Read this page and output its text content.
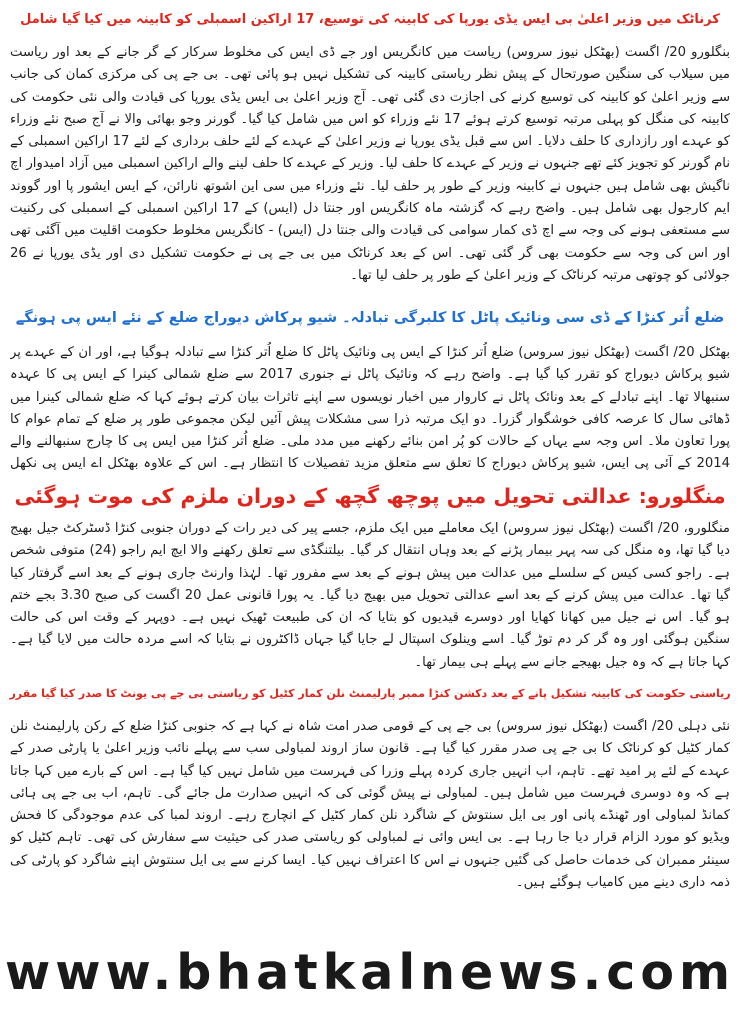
کرناٹک میں وزیر اعلیٰ بی ایس یڈی یورپا کی کابینہ کی توسیع، 17 اراکین اسمبلی کو کابینہ میں کیا گیا شامل
بنگلورو 20/ اگست (بھٹکل نیوز سروس) ریاست میں کانگریس اور جے ڈی ایس کی مخلوط سرکار کے گر جانے کے بعد اور ریاست میں سیلاب کی سنگین صورتحال کے پیش نظر ریاستی کابینہ کی تشکیل نہیں ہو پائی تھی۔ بی جے پی کی مرکزی کمان کی جانب سے وزیر اعلیٰ کو کابینہ کی توسیع کرنے کی اجازت دی گئی تھی۔ آج وزیر اعلیٰ بی ایس یڈی یورپا کی قیادت والی نئی حکومت کی کابینہ کی منگل کو پہلی مرتبہ توسیع کرتے ہوئے 17 نئے وزراء کو اس میں شامل کیا گیا۔ گورنر وجو بھائی والا نے آج صبح نئے وزراء کو عہدے اور رازداری کا حلف دلایا۔ اس سے قبل یڈی یورپا نے وزیر اعلیٰ کے عہدے کے لئے حلف برداری کے لئے 17 اراکین اسمبلی کے نام گورنر کو تجویز کئے تھے جنہوں نے وزیر کے عہدے کا حلف لیا۔ وزیر کے عہدے کا حلف لینے والے اراکین اسمبلی میں آزاد امیدوار اچ ناگیش بھی شامل ہیں جنہوں نے کابینہ وزیر کے طور پر حلف لیا۔ نئے وزراء میں سی این اشوتھ نارائن، کے ایس ایشور پا اور گووند ایم کارجول بھی شامل ہیں۔ واضح رہے کہ گزشتہ ماہ کانگریس اور جنتا دل (ایس) کے 17 اراکین اسمبلی کے اسمبلی کی رکنیت سے مستعفی ہونے کی وجہ سے اچ ڈی کمار سوامی کی قیادت والی جنتا دل (ایس) - کانگریس مخلوط حکومت اقلیت میں آگئی تھی اور اس کی وجہ سے حکومت بھی گر گئی تھی۔ اس کے بعد کرناٹک میں بی جے پی نے حکومت تشکیل دی اور یڈی یورپا نے 26 جولائی کو چوتھی مرتبہ کرناٹک کے وزیر اعلیٰ کے طور پر حلف لیا تھا۔
ضلع اُتر کنڑا کے ڈی سی ونائیک پاٹل کا کلبرگی تبادلہ۔ شیو پرکاش دیوراج ضلع کے نئے ایس پی ہونگے
بھٹکل 20/ اگست (بھٹکل نیوز سروس) ضلع اُتر کنڑا کے ایس پی ونائیک پاٹل کا ضلع اُتر کنڑا سے تبادلہ ہوگیا ہے، اور ان کے عہدے پر شیو پرکاش دیوراج کو تقرر کیا گیا ہے۔ واضح رہے کہ ونائیک پاٹل نے جنوری 2017 سے ضلع شمالی کینرا کے ایس پی کا عہدہ سنبھالا تھا۔ اپنے تبادلے کے بعد ونائک پاٹل نے کاروار میں اخبار نویسوں سے اپنے تاثرات بیان کرتے ہوئے کہا کہ ضلع شمالی کینرا میں ڈھائی سال کا عرصہ کافی خوشگوار گزرا۔ دو ایک مرتبہ ذرا سی مشکلات پیش آئیں لیکن مجموعی طور پر ضلع کے تمام عوام کا پورا تعاون ملا۔ اس وجہ سے یہاں کے حالات کو پُر امن بنائے رکھنے میں مدد ملی۔ ضلع اُتر کنڑا میں ایس پی کا چارج سنبھالنے والے 2014 کے آئی پی ایس، شیو پرکاش دیوراج کا تعلق سے متعلق مزید تفصیلات کا انتظار ہے۔ اس کے علاوہ بھٹکل اے ایس پی نکھل
منگلورو: عدالتی تحویل میں پوچھ گچھ کے دوران ملزم کی موت ہوگئی
منگلورو، 20/ اگست (بھٹکل نیوز سروس) ایک معاملے میں ایک ملزم، جسے پیر کی دیر رات کے دوران جنوبی کنڑا ڈسٹرکٹ جیل بھیج دیا گیا تھا، وہ منگل کی سہ پہر بیمار پڑنے کے بعد وہاں انتقال کر گیا۔ بیلتنگڈی سے تعلق رکھنے والا ایچ ایم راجو (24) متوفی شخص ہے۔ راجو کسی کیس کے سلسلے میں عدالت میں پیش ہونے کے بعد سے مفرور تھا۔ لہٰذا وارنٹ جاری ہونے کے بعد اسے گرفتار کیا گیا تھا۔ عدالت میں پیش کرنے کے بعد اسے عدالتی تحویل میں بھیج دیا گیا۔ یہ پورا قانونی عمل 20 اگست کی صبح 3.30 بجے ختم ہو گیا۔ اس نے جیل میں کھانا کھایا اور دوسرے قیدیوں کو بتایا کہ ان کی طبیعت ٹھیک نہیں ہے۔ دوپہر کے وقت اس کی حالت سنگین ہوگئی اور وہ گر کر دم توڑ گیا۔ اسے وینلوک اسپتال لے جایا گیا جہاں ڈاکٹروں نے بتایا کہ اسے مردہ حالت میں لایا گیا ہے۔ کہا جاتا ہے کہ وہ جیل بھیجے جانے سے پہلے ہی بیمار تھا۔
ریاستی حکومت کی کابینہ تشکیل پانے کے بعد دکشن کنڑا ممبر پارلیمنٹ نلن کمار کٹیل کو ریاستی بی جے پی یونٹ کا صدر کیا گیا مقرر
نئی دہلی 20/ اگست (بھٹکل نیوز سروس) بی جے پی کے قومی صدر امت شاہ نے کہا ہے کہ جنوبی کنڑا ضلع کے رکن پارلیمنٹ نلن کمار کٹیل کو کرناٹک کا بی جے پی صدر مقرر کیا گیا ہے۔ قانون ساز اروند لمباولی سب سے پہلے نائب وزیر اعلیٰ یا پارٹی صدر کے عہدے کے لئے پر امید تھے۔ تاہم، اب انہیں جاری کردہ پہلے وزرا کی فہرست میں شامل نہیں کیا گیا ہے۔ اس کے بارے میں کہا جاتا ہے کہ وہ دوسری فہرست میں شامل ہیں۔ لمباولی نے پیش گوئی کی کہ انہیں صدارت مل جائے گی۔ تاہم، اب بی جے پی ہائی کمانڈ لمباولی اور ٹھنڈے پانی اور بی ایل سنتوش کے شاگرد نلن کمار کٹیل کے انچارج رہے۔ اروند لمبا کی عدم موجودگی کا فحش ویڈیو کو مورد الزام قرار دیا جا رہا ہے۔ بی ایس وائی نے لمباولی کو ریاستی صدر کی حیثیت سے سفارش کی تھی۔ تاہم کٹیل کو سینئر ممبران کی خدمات حاصل کی گئیں جنہوں نے اس کا اعتراف نہیں کیا۔ ایسا کرنے سے بی ایل سنتوش اپنے شاگرد کو پارٹی کی ذمہ داری دینے میں کامیاب ہوگئے ہیں۔
www.bhatkalnews.com
